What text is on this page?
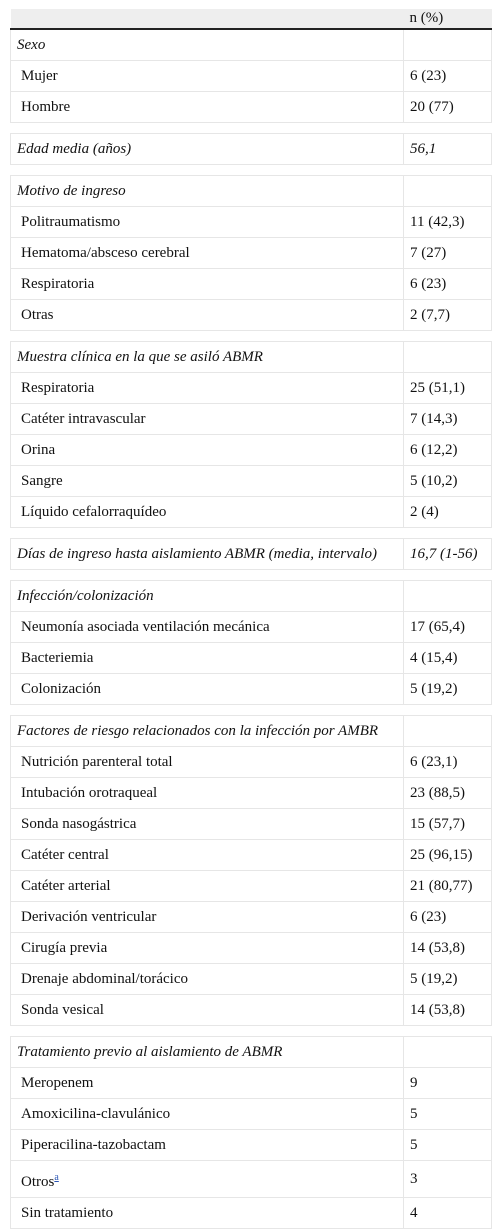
	n (%)
Sexo	
Mujer	6 (23)
Hombre	20 (77)

Edad media (años)	56,1

Motivo de ingreso	
Politraumatismo	11 (42,3)
Hematoma/absceso cerebral	7 (27)
Respiratoria	6 (23)
Otras	2 (7,7)

Muestra clínica en la que se asiló ABMR	
Respiratoria	25 (51,1)
Catéter intravascular	7 (14,3)
Orina	6 (12,2)
Sangre	5 (10,2)
Líquido cefalorraquídeo	2 (4)

Días de ingreso hasta aislamiento ABMR (media, intervalo)	16,7 (1-56)

Infección/colonización	
Neumonía asociada ventilación mecánica	17 (65,4)
Bacteriemia	4 (15,4)
Colonización	5 (19,2)

Factores de riesgo relacionados con la infección por AMBR	
Nutrición parenteral total	6 (23,1)
Intubación orotraqueal	23 (88,5)
Sonda nasogástrica	15 (57,7)
Catéter central	25 (96,15)
Catéter arterial	21 (80,77)
Derivación ventricular	6 (23)
Cirugía previa	14 (53,8)
Drenaje abdominal/torácico	5 (19,2)
Sonda vesical	14 (53,8)

Tratamiento previo al aislamiento de ABMR	
Meropenem	9
Amoxicilina-clavulánico	5
Piperacilina-tazobactam	5
Otros$^a$	3
Sin tratamiento	4
